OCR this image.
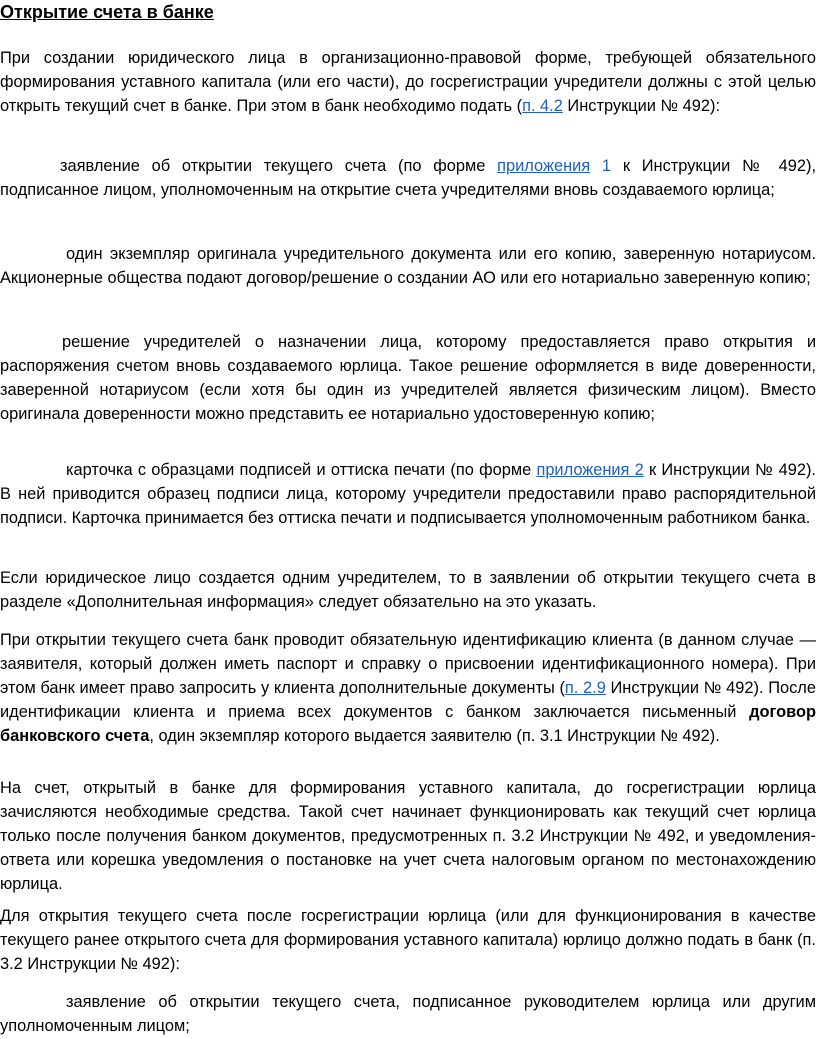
Открытие счета в банке

При создании юридического лица в организационно-правовой форме, требующей обязательного формирования уставного капитала (или его части), до госрегистрации учредители должны с этой целью открыть текущий счет в банке. При этом в банк необходимо подать (п. 4.2 Инструкции № 492):

заявление об открытии текущего счета (по форме приложения 1 к Инструкции № 492), подписанное лицом, уполномоченным на открытие счета учредителями вновь создаваемого юрлица;

один экземпляр оригинала учредительного документа или его копию, заверенную нотариусом. Акционерные общества подают договор/решение о создании АО или его нотариально заверенную копию;

решение учредителей о назначении лица, которому предоставляется право открытия и распоряжения счетом вновь создаваемого юрлица. Такое решение оформляется в виде доверенности, заверенной нотариусом (если хотя бы один из учредителей является физическим лицом). Вместо оригинала доверенности можно представить ее нотариально удостоверенную копию;

карточка с образцами подписей и оттиска печати (по форме приложения 2 к Инструкции № 492). В ней приводится образец подписи лица, которому учредители предоставили право распорядительной подписи. Карточка принимается без оттиска печати и подписывается уполномоченным работником банка.

Если юридическое лицо создается одним учредителем, то в заявлении об открытии текущего счета в разделе «Дополнительная информация» следует обязательно на это указать.

При открытии текущего счета банк проводит обязательную идентификацию клиента (в данном случае — заявителя, который должен иметь паспорт и справку о присвоении идентификационного номера). При этом банк имеет право запросить у клиента дополнительные документы (п. 2.9 Инструкции № 492). После идентификации клиента и приема всех документов с банком заключается письменный договор банковского счета, один экземпляр которого выдается заявителю (п. 3.1 Инструкции № 492).

На счет, открытый в банке для формирования уставного капитала, до госрегистрации юрлица зачисляются необходимые средства. Такой счет начинает функционировать как текущий счет юрлица только после получения банком документов, предусмотренных п. 3.2 Инструкции № 492, и уведомления-ответа или корешка уведомления о постановке на учет счета налоговым органом по местонахождению юрлица.

Для открытия текущего счета после госрегистрации юрлица (или для функционирования в качестве текущего ранее открытого счета для формирования уставного капитала) юрлицо должно подать в банк (п. 3.2 Инструкции № 492):

заявление об открытии текущего счета, подписанное руководителем юрлица или другим уполномоченным лицом;
